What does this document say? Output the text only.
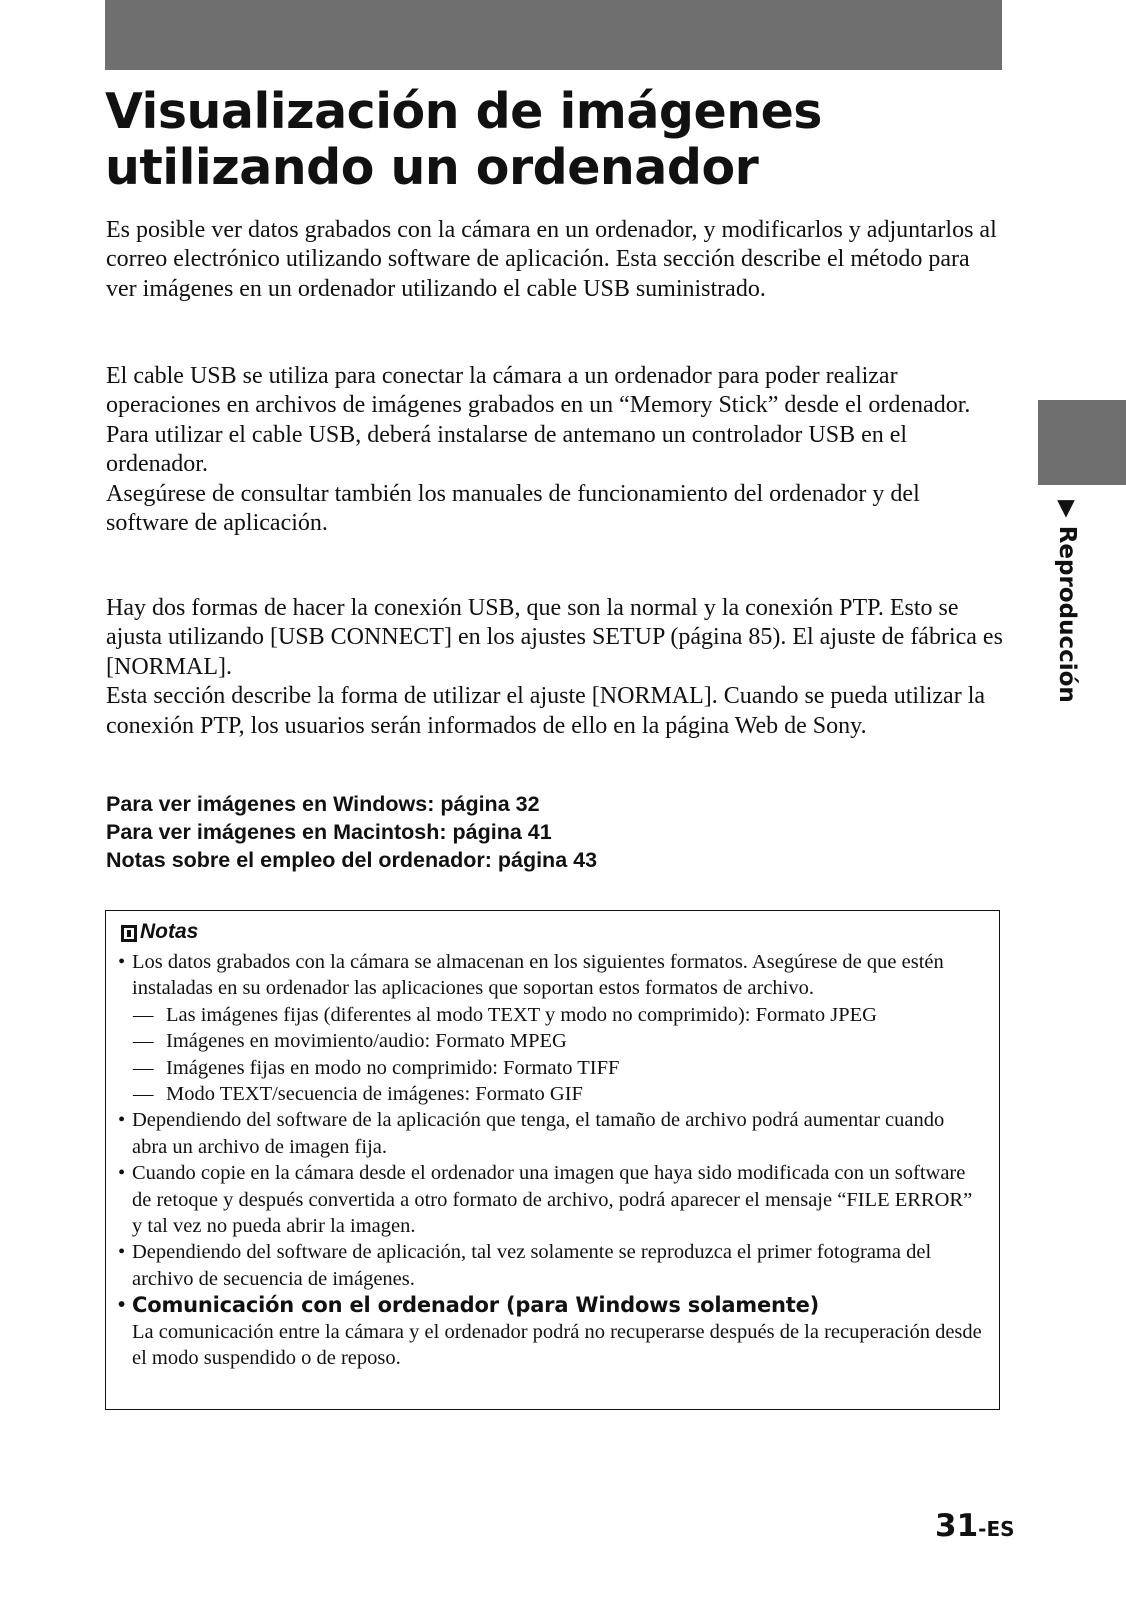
Visualización de imágenes
utilizando un ordenador

Es posible ver datos grabados con la cámara en un ordenador, y modificarlos y adjuntarlos al correo electrónico utilizando software de aplicación. Esta sección describe el método para ver imágenes en un ordenador utilizando el cable USB suministrado.

El cable USB se utiliza para conectar la cámara a un ordenador para poder realizar operaciones en archivos de imágenes grabados en un “Memory Stick” desde el ordenador.

Para utilizar el cable USB, deberá instalarse de antemano un controlador USB en el ordenador.

Asegúrese de consultar también los manuales de funcionamiento del ordenador y del software de aplicación.

Hay dos formas de hacer la conexión USB, que son la normal y la conexión PTP. Esto se ajusta utilizando [USB CONNECT] en los ajustes SETUP (página 85). El ajuste de fábrica es [NORMAL].

Esta sección describe la forma de utilizar el ajuste [NORMAL]. Cuando se pueda utilizar la conexión PTP, los usuarios serán informados de ello en la página Web de Sony.

Para ver imágenes en Windows: página 32
Para ver imágenes en Macintosh: página 41
Notas sobre el empleo del ordenador: página 43
Notas
• Los datos grabados con la cámara se almacenan en los siguientes formatos. Asegúrese de que estén instaladas en su ordenador las aplicaciones que soportan estos formatos de archivo.
— Las imágenes fijas (diferentes al modo TEXT y modo no comprimido): Formato JPEG
— Imágenes en movimiento/audio: Formato MPEG
— Imágenes fijas en modo no comprimido: Formato TIFF
— Modo TEXT/secuencia de imágenes: Formato GIF
• Dependiendo del software de la aplicación que tenga, el tamaño de archivo podrá aumentar cuando abra un archivo de imagen fija.
• Cuando copie en la cámara desde el ordenador una imagen que haya sido modificada con un software de retoque y después convertida a otro formato de archivo, podrá aparecer el mensaje “FILE ERROR” y tal vez no pueda abrir la imagen.
• Dependiendo del software de aplicación, tal vez solamente se reproduzca el primer fotograma del archivo de secuencia de imágenes.
• Comunicación con el ordenador (para Windows solamente)
La comunicación entre la cámara y el ordenador podrá no recuperarse después de la recuperación desde el modo suspendido o de reposo.
▶ Reproducción
31-ES
